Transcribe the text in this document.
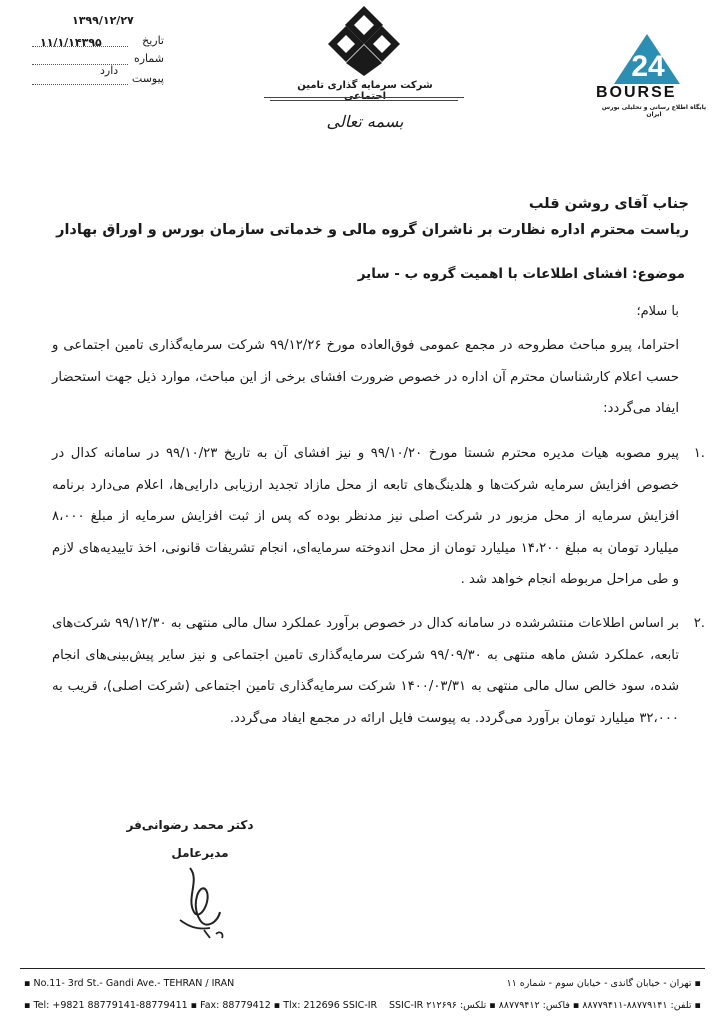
۱۳۹۹/۱۲/۲۷
تاریخ
۱۱/۱/۱۴۳۹۵
شماره
دارد
پیوست
شرکت سرمایه گذاری تامین اجتماعی
24
BOURSE
پایگاه اطلاع رسانی و تحلیلی بورس ایران
بسمه تعالی
جناب آقای روشن قلب
ریاست محترم اداره نظارت بر ناشران گروه مالی و خدماتی سازمان بورس و اوراق بهادار
موضوع: افشای اطلاعات با اهمیت گروه ب - سایر
با سلام؛
احتراما، پیرو مباحث مطروحه در مجمع عمومی فوق‌العاده مورخ ۹۹/۱۲/۲۶ شرکت سرمایه‌گذاری تامین اجتماعی و حسب اعلام کارشناسان محترم آن اداره در خصوص ضرورت افشای برخی از این مباحث، موارد ذیل جهت استحضار ایفاد می‌گردد:
.۱
پیرو مصوبه هیات مدیره محترم شستا مورخ ۹۹/۱۰/۲۰ و نیز افشای آن به تاریخ ۹۹/۱۰/۲۳ در سامانه کدال در خصوص افزایش سرمایه شرکت‌ها و هلدینگ‌های تابعه از محل مازاد تجدید ارزیابی دارایی‌ها، اعلام می‌دارد برنامه افزایش سرمایه از محل مزبور در شرکت اصلی نیز مدنظر بوده که پس از ثبت افزایش سرمایه از مبلغ ۸،۰۰۰ میلیارد تومان به مبلغ ۱۴،۲۰۰ میلیارد تومان از محل اندوخته سرمایه‌ای، انجام تشریفات قانونی، اخذ تاییدیه‌های لازم و طی مراحل مربوطه انجام خواهد شد .
.۲
بر اساس اطلاعات منتشرشده در سامانه کدال در خصوص برآورد عملکرد سال مالی منتهی به ۹۹/۱۲/۳۰ شرکت‌های تابعه، عملکرد شش ماهه منتهی به ۹۹/۰۹/۳۰ شرکت سرمایه‌گذاری تامین اجتماعی و نیز سایر پیش‌بینی‌های انجام شده، سود خالص سال مالی منتهی به ۱۴۰۰/۰۳/۳۱ شرکت سرمایه‌گذاری تامین اجتماعی (شرکت اصلی)، قریب به ۳۲،۰۰۰ میلیارد تومان برآورد می‌گردد. به پیوست فایل ارائه در مجمع ایفاد می‌گردد.
دکتر محمد رضوانی‌فر
مدیرعامل
▪ No.11- 3rd St.- Gandi Ave.- TEHRAN / IRAN
▪ Tel: +9821 88779141-88779411 ▪ Fax: 88779412 ▪ Tlx: 212696 SSIC-IR
▪ تهران - خیابان گاندی - خیابان سوم - شماره ۱۱
▪ تلفن: ۸۸۷۷۹۱۴۱-۸۸۷۷۹۴۱۱ ▪ فاکس: ۸۸۷۷۹۴۱۲ ▪ تلکس: SSIC-IR ۲۱۲۶۹۶
